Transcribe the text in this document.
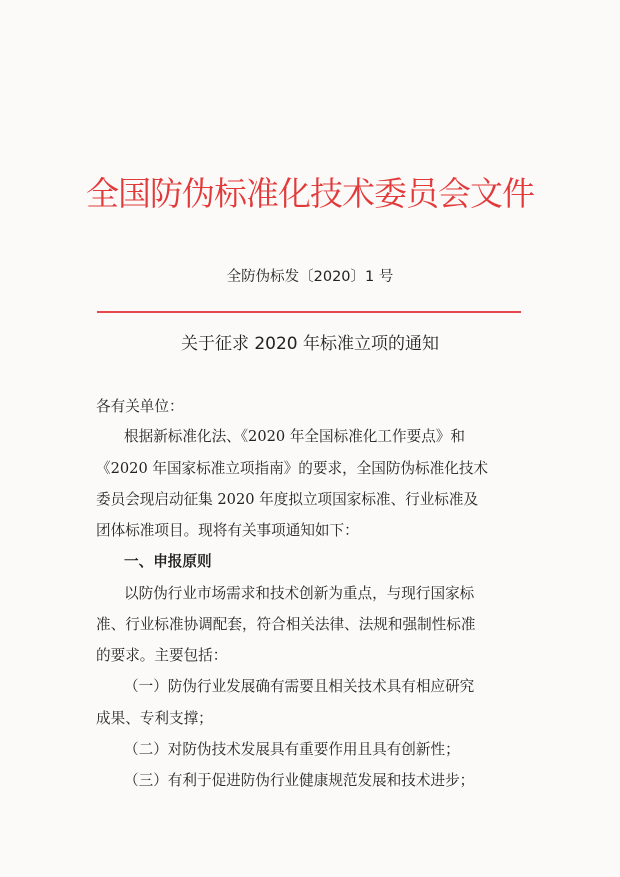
全国防伪标准化技术委员会文件
全防伪标发〔2020〕1 号
关于征求 2020 年标准立项的通知
各有关单位：
根据新标准化法、《2020 年全国标准化工作要点》和
《2020 年国家标准立项指南》的要求，全国防伪标准化技术
委员会现启动征集 2020 年度拟立项国家标准、行业标准及
团体标准项目。现将有关事项通知如下：
一、申报原则
以防伪行业市场需求和技术创新为重点，与现行国家标
准、行业标准协调配套，符合相关法律、法规和强制性标准
的要求。主要包括：
（一）防伪行业发展确有需要且相关技术具有相应研究
成果、专利支撑；
（二）对防伪技术发展具有重要作用且具有创新性；
（三）有利于促进防伪行业健康规范发展和技术进步；
